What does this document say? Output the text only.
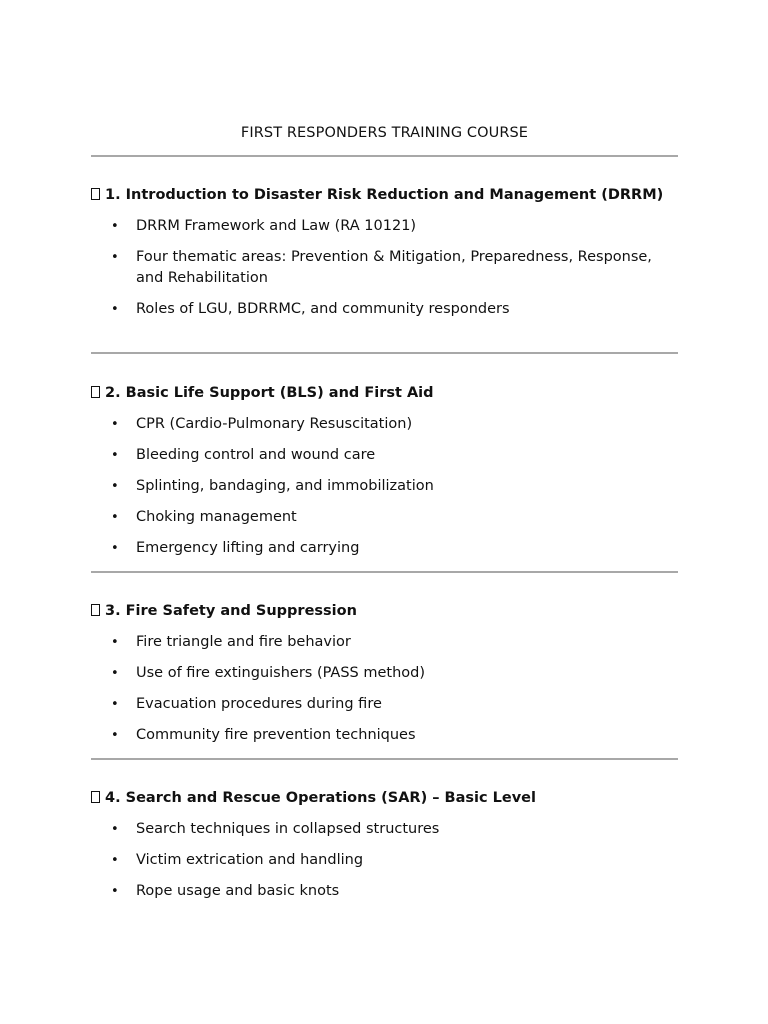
FIRST RESPONDERS TRAINING COURSE
1. Introduction to Disaster Risk Reduction and Management (DRRM)
• DRRM Framework and Law (RA 10121)
• Four thematic areas: Prevention & Mitigation, Preparedness, Response, and Rehabilitation
• Roles of LGU, BDRRMC, and community responders
2. Basic Life Support (BLS) and First Aid
• CPR (Cardio-Pulmonary Resuscitation)
• Bleeding control and wound care
• Splinting, bandaging, and immobilization
• Choking management
• Emergency lifting and carrying
3. Fire Safety and Suppression
• Fire triangle and fire behavior
• Use of fire extinguishers (PASS method)
• Evacuation procedures during fire
• Community fire prevention techniques
4. Search and Rescue Operations (SAR) – Basic Level
• Search techniques in collapsed structures
• Victim extrication and handling
• Rope usage and basic knots
